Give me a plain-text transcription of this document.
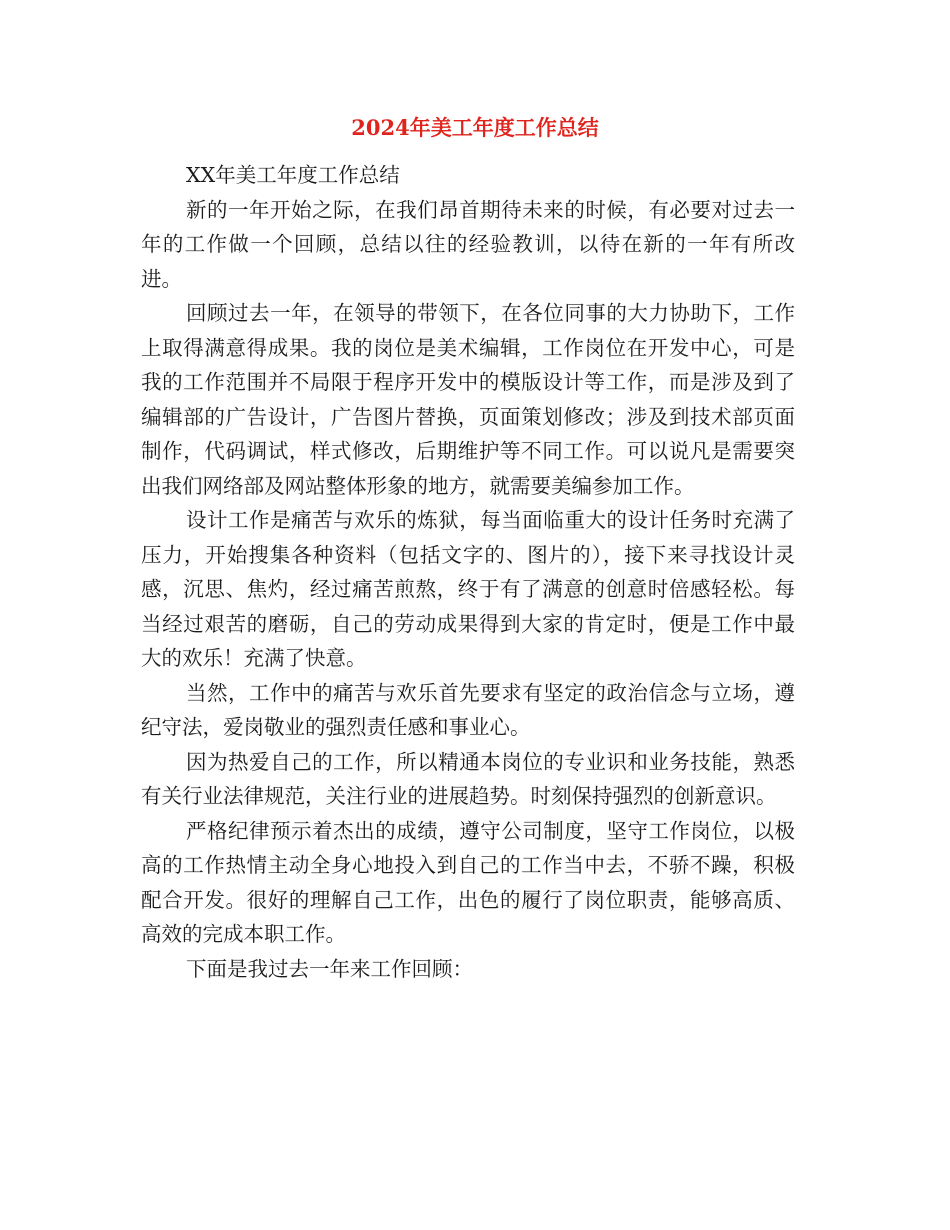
2024年美工年度工作总结

XX年美工年度工作总结

新的一年开始之际，在我们昂首期待未来的时候，有必要对过去一年的工作做一个回顾，总结以往的经验教训，以待在新的一年有所改进。

回顾过去一年，在领导的带领下，在各位同事的大力协助下，工作上取得满意得成果。我的岗位是美术编辑，工作岗位在开发中心，可是我的工作范围并不局限于程序开发中的模版设计等工作，而是涉及到了编辑部的广告设计，广告图片替换，页面策划修改；涉及到技术部页面制作，代码调试，样式修改，后期维护等不同工作。可以说凡是需要突出我们网络部及网站整体形象的地方，就需要美编参加工作。

设计工作是痛苦与欢乐的炼狱，每当面临重大的设计任务时充满了压力，开始搜集各种资料（包括文字的、图片的），接下来寻找设计灵感，沉思、焦灼，经过痛苦煎熬，终于有了满意的创意时倍感轻松。每当经过艰苦的磨砺，自己的劳动成果得到大家的肯定时，便是工作中最大的欢乐！充满了快意。

当然，工作中的痛苦与欢乐首先要求有坚定的政治信念与立场，遵纪守法，爱岗敬业的强烈责任感和事业心。

因为热爱自己的工作，所以精通本岗位的专业识和业务技能，熟悉有关行业法律规范，关注行业的进展趋势。时刻保持强烈的创新意识。

严格纪律预示着杰出的成绩，遵守公司制度，坚守工作岗位，以极高的工作热情主动全身心地投入到自己的工作当中去，不骄不躁，积极配合开发。很好的理解自己工作，出色的履行了岗位职责，能够高质、高效的完成本职工作。

下面是我过去一年来工作回顾：
